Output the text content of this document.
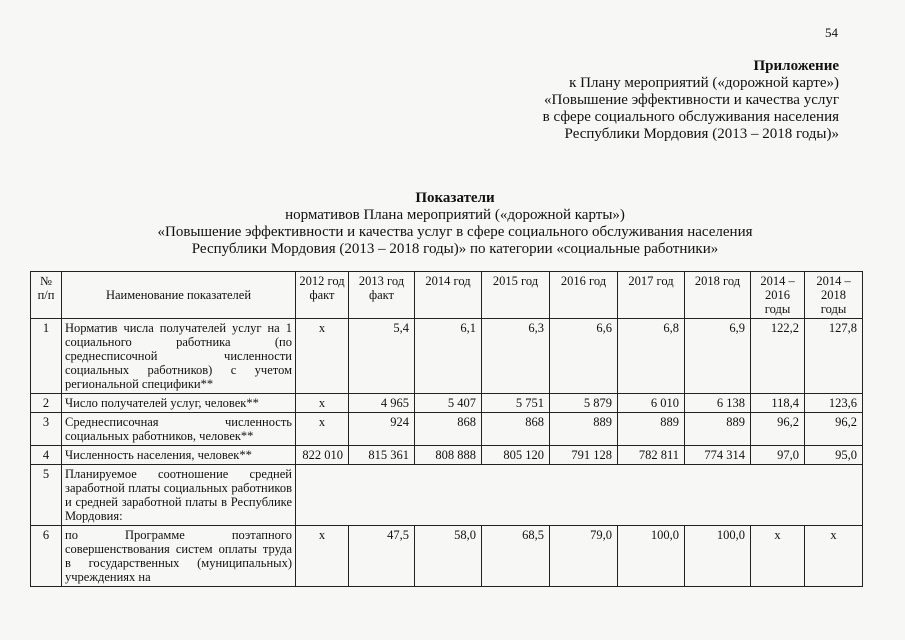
54
Приложение
к Плану мероприятий («дорожной карте»)
«Повышение эффективности и качества услуг
в сфере социального обслуживания населения
Республики Мордовия (2013 – 2018 годы)»
Показатели
нормативов Плана мероприятий («дорожной карты»)
«Повышение эффективности и качества услуг в сфере социального обслуживания населения
Республики Мордовия (2013 – 2018 годы)» по категории «социальные работники»
№ п/п	Наименование показателей	2012 год факт	2013 год факт	2014 год	2015 год	2016 год	2017 год	2018 год	2014 – 2016 годы	2014 – 2018 годы
1	Норматив числа получателей услуг на 1 социального работника (по среднесписочной численности социальных работников) с учетом региональной специфики**	х	5,4	6,1	6,3	6,6	6,8	6,9	122,2	127,8
2	Число получателей услуг, человек**	х	4 965	5 407	5 751	5 879	6 010	6 138	118,4	123,6
3	Среднесписочная численность социальных работников, человек**	х	924	868	868	889	889	889	96,2	96,2
4	Численность населения, человек**	822 010	815 361	808 888	805 120	791 128	782 811	774 314	97,0	95,0
5	Планируемое соотношение средней заработной платы социальных работников и средней заработной платы в Республике Мордовия:									
6	по Программе поэтапного совершенствования систем оплаты труда в государственных (муниципальных) учреждениях на	х	47,5	58,0	68,5	79,0	100,0	100,0	х	х
